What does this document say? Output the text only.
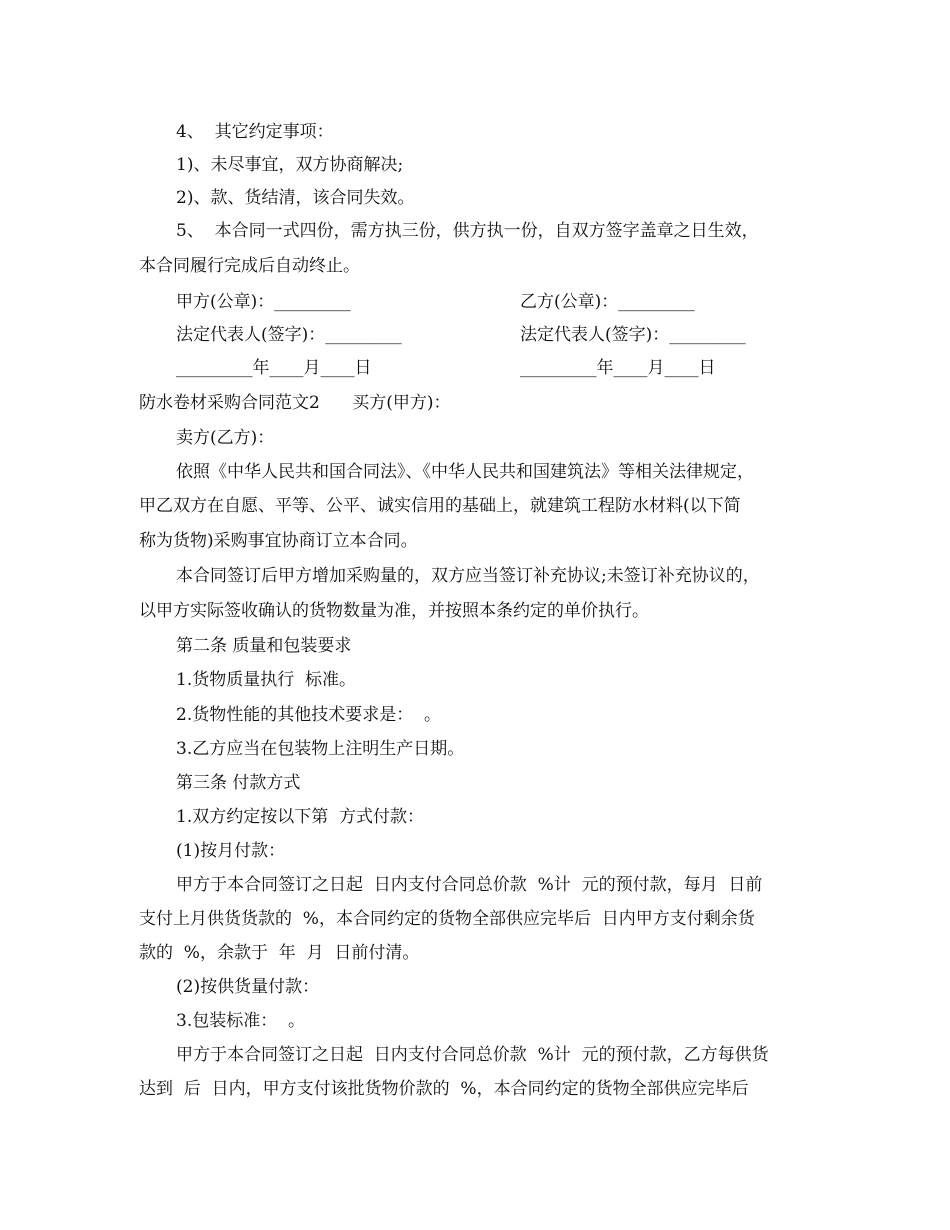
4、  其它约定事项：
1)、未尽事宜，双方协商解决;
2)、款、货结清，该合同失效。
5、  本合同一式四份，需方执三份，供方执一份，自双方签字盖章之日生效，
本合同履行完成后自动终止。
甲方(公章)：_________	乙方(公章)：_________
法定代表人(签字)：_________	法定代表人(签字)：_________
_________年____月____日	_________年____月____日
防水卷材采购合同范文2      买方(甲方)：
卖方(乙方)：
依照《中华人民共和国合同法》、《中华人民共和国建筑法》等相关法律规定，
甲乙双方在自愿、平等、公平、诚实信用的基础上，就建筑工程防水材料(以下简
称为货物)采购事宜协商订立本合同。
本合同签订后甲方增加采购量的，双方应当签订补充协议;未签订补充协议的，
以甲方实际签收确认的货物数量为准，并按照本条约定的单价执行。
第二条 质量和包装要求
1.货物质量执行  标准。
2.货物性能的其他技术要求是：  。
3.乙方应当在包装物上注明生产日期。
第三条 付款方式
1.双方约定按以下第  方式付款：
(1)按月付款：
甲方于本合同签订之日起  日内支付合同总价款  %计  元的预付款，每月  日前
支付上月供货货款的  %，本合同约定的货物全部供应完毕后  日内甲方支付剩余货
款的  %，余款于  年  月  日前付清。
(2)按供货量付款：
3.包装标准：  。
甲方于本合同签订之日起  日内支付合同总价款  %计  元的预付款，乙方每供货
达到  后  日内，甲方支付该批货物价款的  %，本合同约定的货物全部供应完毕后
